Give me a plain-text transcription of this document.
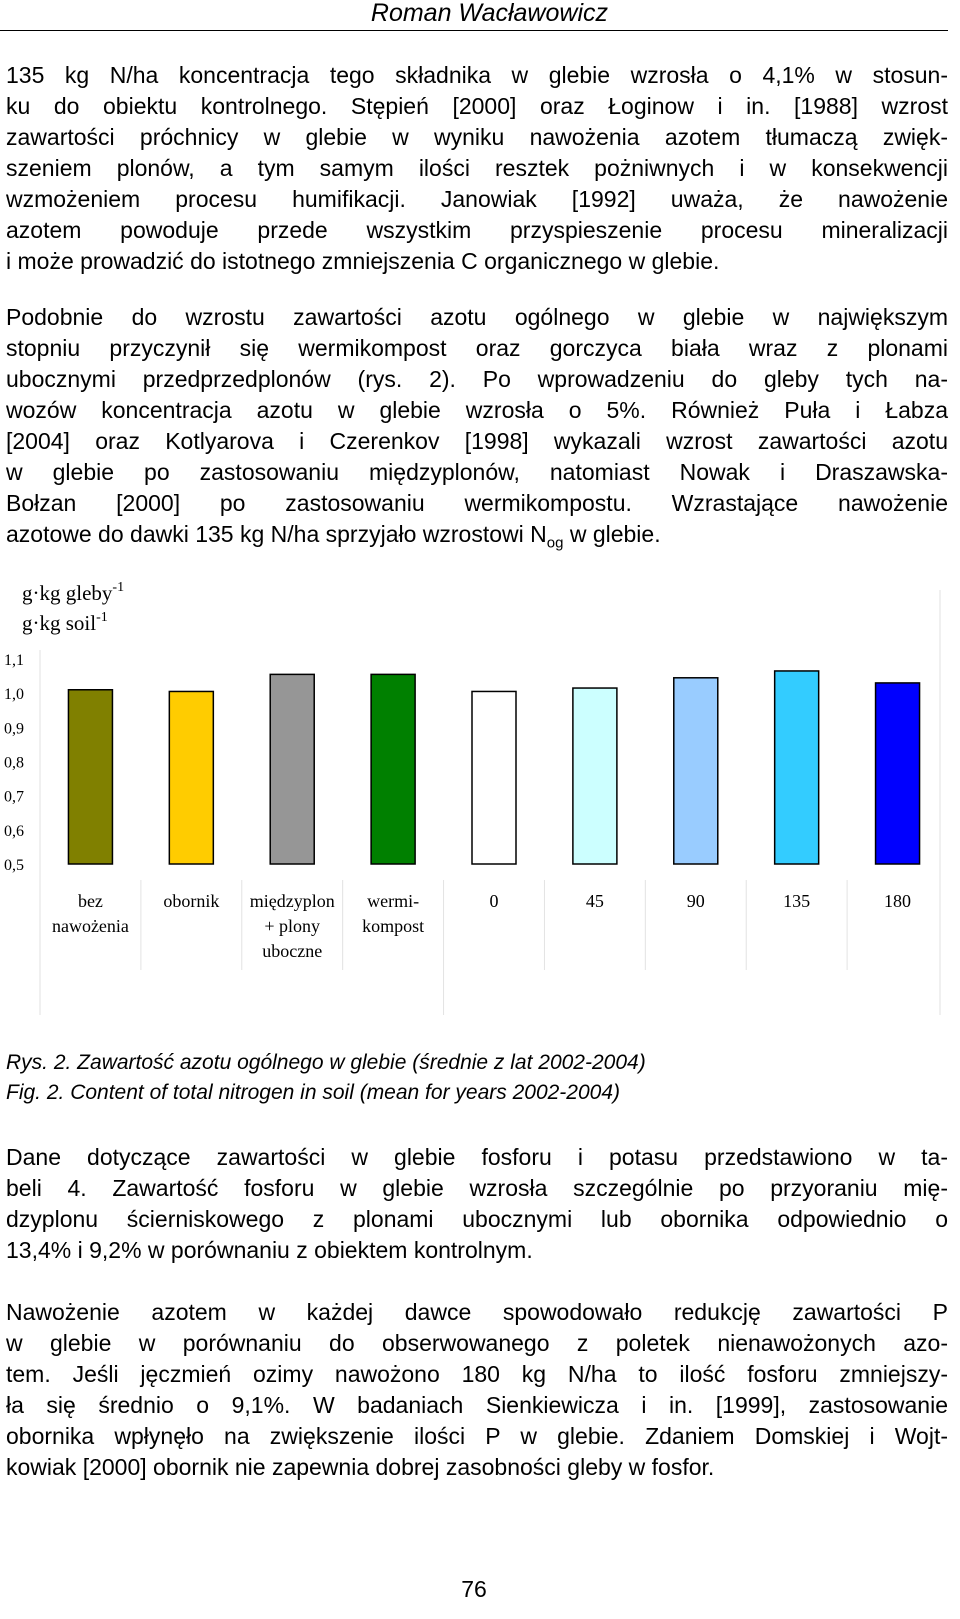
Roman Wacławowicz

135 kg N/ha koncentracja tego składnika w glebie wzrosła o 4,1% w stosun-
ku do obiektu kontrolnego. Stępień [2000] oraz Łoginow i in. [1988] wzrost
zawartości próchnicy w glebie w wyniku nawożenia azotem tłumaczą zwięk-
szeniem plonów, a tym samym ilości resztek pożniwnych i w konsekwencji
wzmożeniem procesu humifikacji. Janowiak [1992] uważa, że nawożenie
azotem powoduje przede wszystkim przyspieszenie procesu mineralizacji
i może prowadzić do istotnego zmniejszenia C organicznego w glebie.

Podobnie do wzrostu zawartości azotu ogólnego w glebie w największym
stopniu przyczynił się wermikompost oraz gorczyca biała wraz z plonami
ubocznymi przedprzedplonów (rys. 2). Po wprowadzeniu do gleby tych na-
wozów koncentracja azotu w glebie wzrosła o 5%. Również Puła i Łabza
[2004] oraz Kotlyarova i Czerenkov [1998] wykazali wzrost zawartości azotu
w glebie po zastosowaniu międzyplonów, natomiast Nowak i Draszawska-
Bołzan [2000] po zastosowaniu wermikompostu. Wzrastające nawożenie
azotowe do dawki 135 kg N/ha sprzyjało wzrostowi $N_{og}$ w glebie.

g·kg gleby$^{-1}$
g·kg soil$^{-1}$
1,1
1,0
0,9
0,8
0,7
0,6
0,5
bez nawożenia
obornik międzyplon + plony uboczne
wermi-kompost
0	45	90	135	180

Rys. 2. Zawartość azotu ogólnego w glebie (średnie z lat 2002-2004)

Fig. 2. Content of total nitrogen in soil (mean for years 2002-2004)

Dane dotyczące zawartości w glebie fosforu i potasu przedstawiono w ta-
beli 4. Zawartość fosforu w glebie wzrosła szczególnie po przyoraniu mię-
dzyplonu ścierniskowego z plonami ubocznymi lub obornika odpowiednio o
13,4% i 9,2% w porównaniu z obiektem kontrolnym.

Nawożenie azotem w każdej dawce spowodowało redukcję zawartości P
w glebie w porównaniu do obserwowanego z poletek nienawożonych azo-
tem. Jeśli jęczmień ozimy nawożono 180 kg N/ha to ilość fosforu zmniejszy-
ła się średnio o 9,1%. W badaniach Sienkiewicza i in. [1999], zastosowanie
obornika wpłynęło na zwiększenie ilości P w glebie. Zdaniem Domskiej i Wojt-
kowiak [2000] obornik nie zapewnia dobrej zasobności gleby w fosfor.

76
